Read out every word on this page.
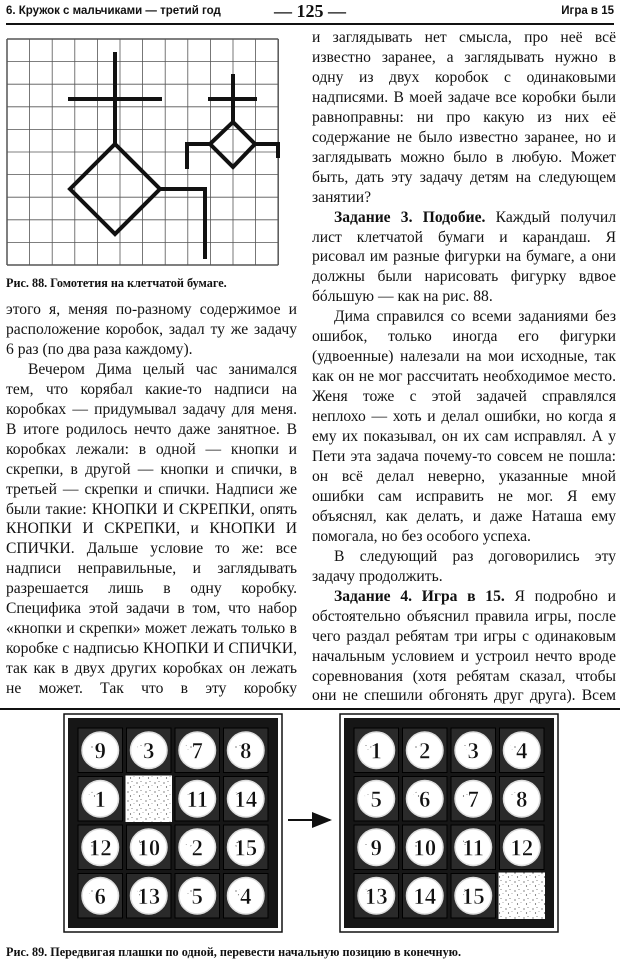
6. Кружок с мальчиками — третий год	— 125 —	Игра в 15
Рис. 88. Гомотетия на клетчатой бумаге.

этого я, меняя по-разному содержимое и расположение коробок, задал ту же задачу 6 раз (по два раза каждому).

Вечером Дима целый час занимался тем, что корябал какие-то надписи на коробках — придумывал задачу для меня. В итоге родилось нечто даже занятное. В коробках лежали: в одной — кнопки и скрепки, в другой — кнопки и спички, в третьей — скрепки и спички. Надписи же были такие: КНОПКИ И СКРЕПКИ, опять КНОПКИ И СКРЕПКИ, и КНОПКИ И СПИЧКИ. Дальше условие то же: все надписи неправильные, и заглядывать разрешается лишь в одну коробку. Специфика этой задачи в том, что набор «кнопки и скрепки» может лежать только в коробке с надписью КНОПКИ И СПИЧКИ, так как в двух других коробках он лежать не может. Так что в эту коробку

и заглядывать нет смысла, про неё всё известно заранее, а заглядывать нужно в одну из двух коробок с одинаковыми надписями. В моей задаче все коробки были равноправны: ни про какую из них её содержание не было известно заранее, но и заглядывать можно было в любую. Может быть, дать эту задачу детям на следующем занятии?

Задание 3. Подобие. Каждый получил лист клетчатой бумаги и карандаш. Я рисовал им разные фигурки на бумаге, а они должны были нарисовать фигурку вдвое бóльшую — как на рис. 88.

Дима справился со всеми заданиями без ошибок, только иногда его фигурки (удвоенные) налезали на мои исходные, так как он не мог рассчитать необходимое место. Женя тоже с этой задачей справлялся неплохо — хоть и делал ошибки, но когда я ему их показывал, он их сам исправлял. А у Пети эта задача почему-то совсем не пошла: он всё делал неверно, указанные мной ошибки сам исправить не мог. Я ему объяснял, как делать, и даже Наташа ему помогала, но без особого успеха.

В следующий раз договорились эту задачу продолжить.

Задание 4. Игра в 15. Я подробно и обстоятельно объяснил правила игры, после чего раздал ребятам три игры с одинаковым начальным условием и устроил нечто вроде соревнования (хотя ребятам сказал, чтобы они не спешили обгонять друг друга). Всем

9 3 7 8
1	11 14
12 10 2 15
6 13 5 4
1 2 3 4
5 6 7 8
9 10 11 12
13 14 15
Рис. 89. Передвигая плашки по одной, перевести начальную позицию в конечную.
